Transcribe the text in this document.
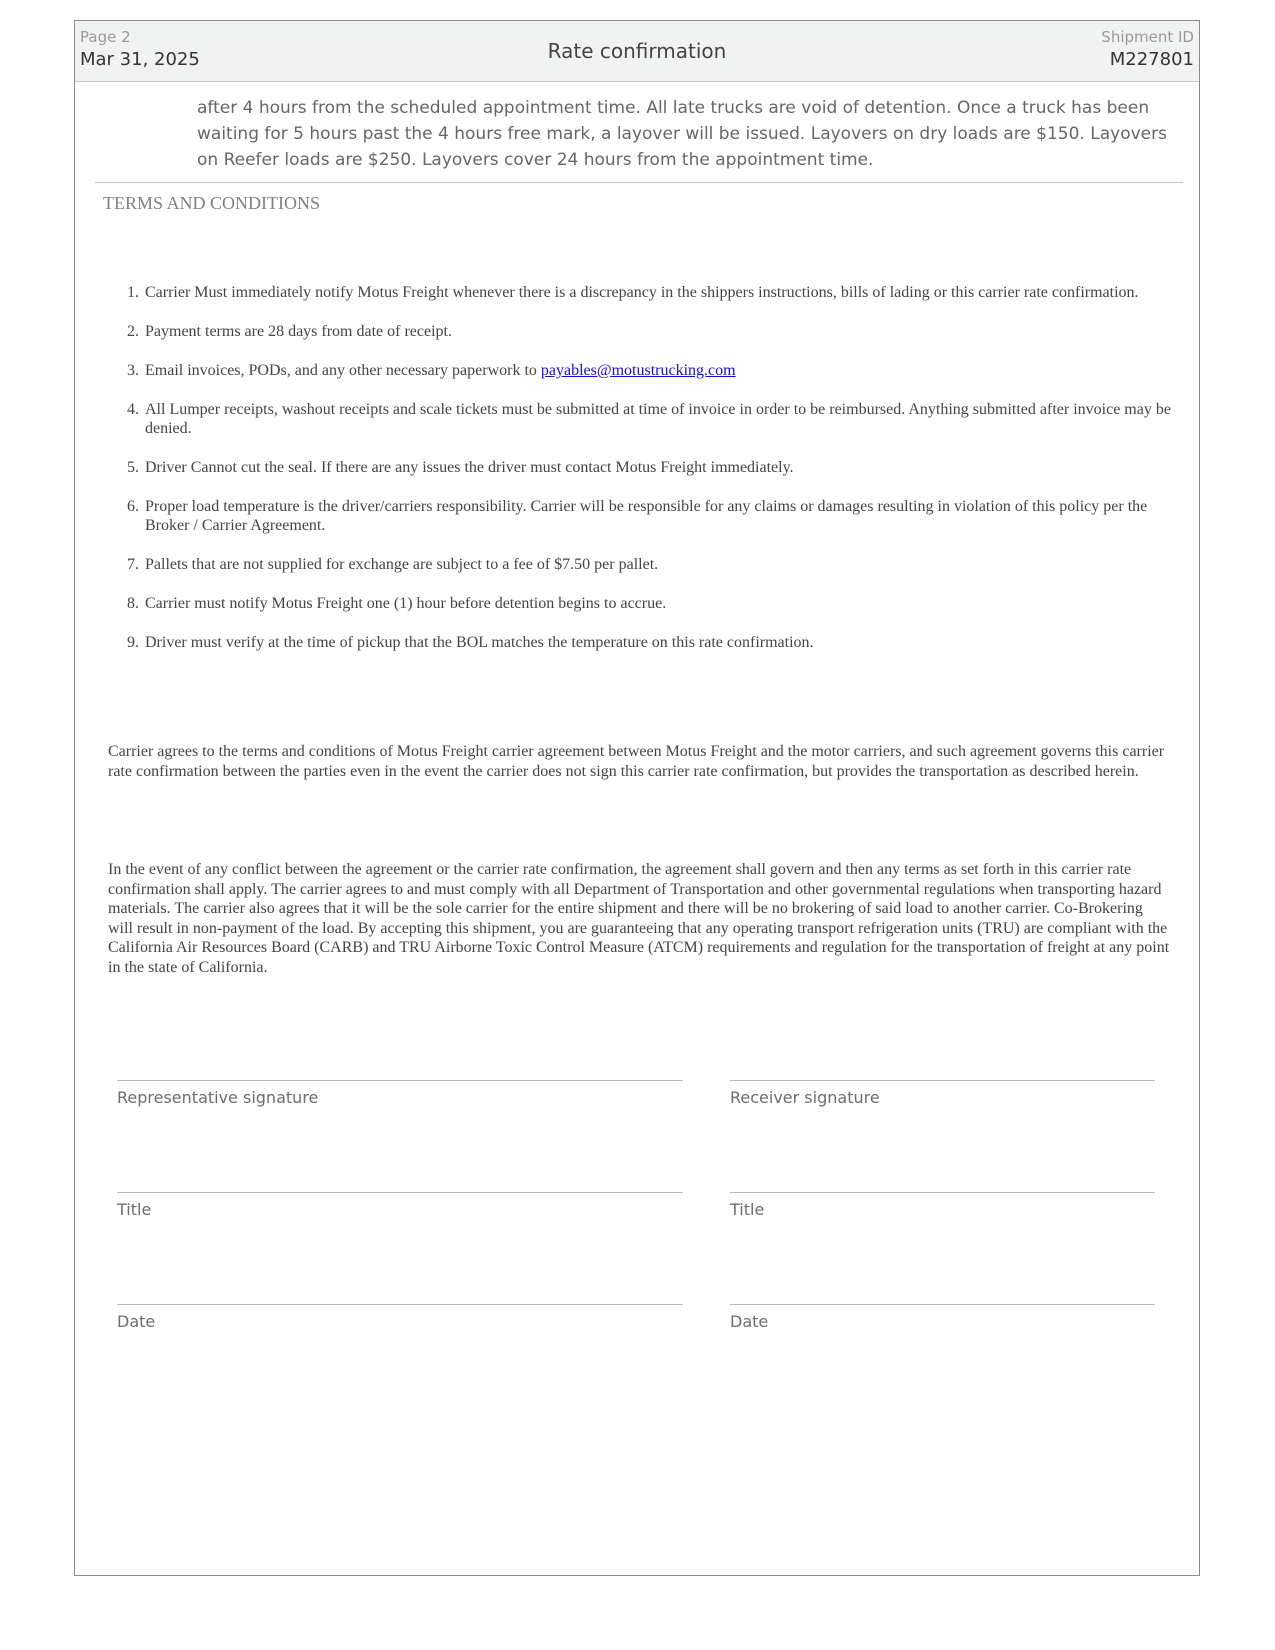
Page 2
Mar 31, 2025	Rate confirmation
Shipment ID
M227801
after 4 hours from the scheduled appointment time. All late trucks are void of detention. Once a truck has been waiting for 5 hours past the 4 hours free mark, a layover will be issued. Layovers on dry loads are $150. Layovers on Reefer loads are $250. Layovers cover 24 hours from the appointment time.
TERMS AND CONDITIONS
1. Carrier Must immediately notify Motus Freight whenever there is a discrepancy in the shippers instructions, bills of lading or this carrier rate confirmation.
2. Payment terms are 28 days from date of receipt.
3. Email invoices, PODs, and any other necessary paperwork to payables@motustrucking.com
4. All Lumper receipts, washout receipts and scale tickets must be submitted at time of invoice in order to be reimbursed. Anything submitted after invoice may be denied.
5. Driver Cannot cut the seal. If there are any issues the driver must contact Motus Freight immediately.
6. Proper load temperature is the driver/carriers responsibility. Carrier will be responsible for any claims or damages resulting in violation of this policy per the Broker / Carrier Agreement.
7. Pallets that are not supplied for exchange are subject to a fee of $7.50 per pallet.
8. Carrier must notify Motus Freight one (1) hour before detention begins to accrue.
9. Driver must verify at the time of pickup that the BOL matches the temperature on this rate confirmation.
Carrier agrees to the terms and conditions of Motus Freight carrier agreement between Motus Freight and the motor carriers, and such agreement governs this carrier rate confirmation between the parties even in the event the carrier does not sign this carrier rate confirmation, but provides the transportation as described herein.
In the event of any conflict between the agreement or the carrier rate confirmation, the agreement shall govern and then any terms as set forth in this carrier rate confirmation shall apply. The carrier agrees to and must comply with all Department of Transportation and other governmental regulations when transporting hazard materials. The carrier also agrees that it will be the sole carrier for the entire shipment and there will be no brokering of said load to another carrier. Co-Brokering will result in non-payment of the load. By accepting this shipment, you are guaranteeing that any operating transport refrigeration units (TRU) are compliant with the California Air Resources Board (CARB) and TRU Airborne Toxic Control Measure (ATCM) requirements and regulation for the transportation of freight at any point in the state of California.
Representative signature	Receiver signature
Title	Title
Date	Date
